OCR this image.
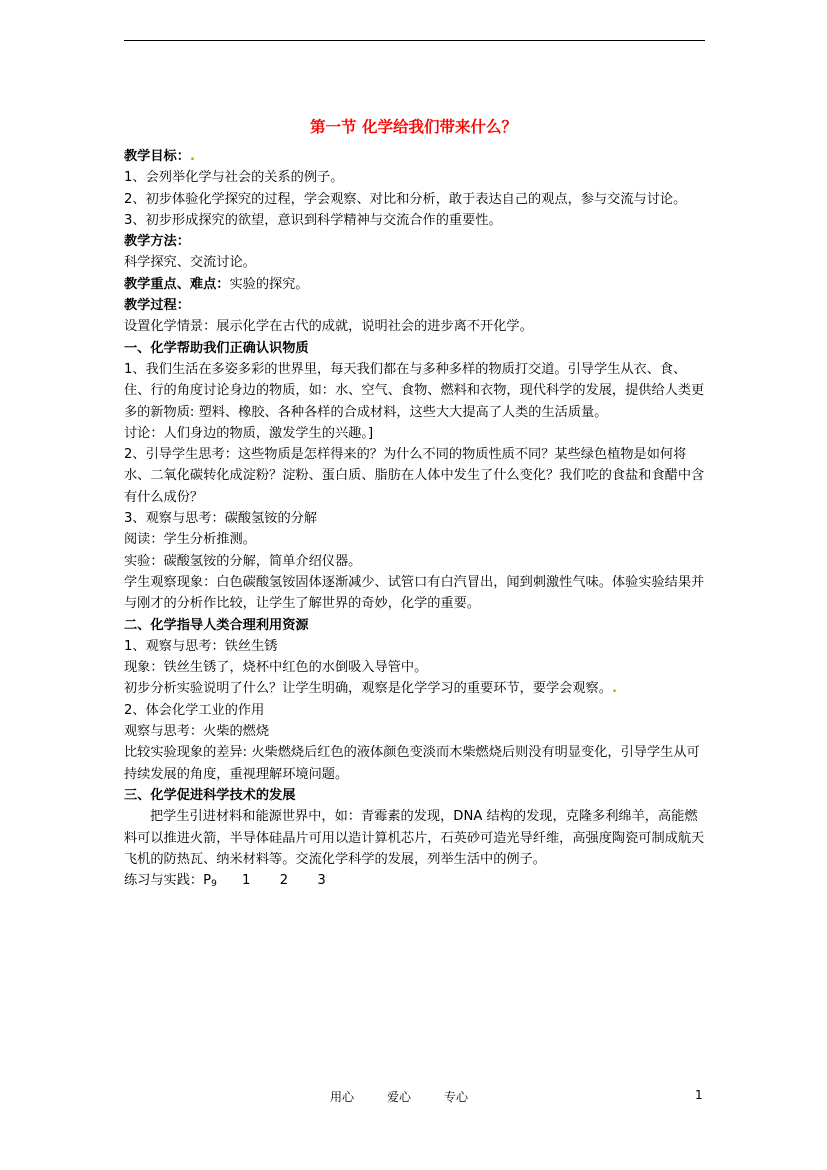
第一节 化学给我们带来什么？

教学目标：.

1、会列举化学与社会的关系的例子。

2、初步体验化学探究的过程，学会观察、对比和分析，敢于表达自己的观点，参与交流与讨论。

3、初步形成探究的欲望，意识到科学精神与交流合作的重要性。

教学方法：

科学探究、交流讨论。

教学重点、难点：实验的探究。

教学过程：

设置化学情景：展示化学在古代的成就，说明社会的进步离不开化学。

一、化学帮助我们正确认识物质

1、我们生活在多姿多彩的世界里，每天我们都在与多种多样的物质打交道。引导学生从衣、食、住、行的角度讨论身边的物质，如：水、空气、食物、燃料和衣物，现代科学的发展，提供给人类更多的新物质: 塑料、橡胶、各种各样的合成材料，这些大大提高了人类的生活质量。

讨论：人们身边的物质，激发学生的兴趣。]

2、引导学生思考：这些物质是怎样得来的？为什么不同的物质性质不同？某些绿色植物是如何将水、二氧化碳转化成淀粉？淀粉、蛋白质、脂肪在人体中发生了什么变化？我们吃的食盐和食醋中含有什么成份？

3、观察与思考：碳酸氢铵的分解

阅读：学生分析推测。

实验：碳酸氢铵的分解，简单介绍仪器。

学生观察现象：白色碳酸氢铵固体逐渐减少、试管口有白汽冒出，闻到刺激性气味。体验实验结果并与刚才的分析作比较，让学生了解世界的奇妙，化学的重要。

二、化学指导人类合理利用资源

1、观察与思考：铁丝生锈

现象：铁丝生锈了，烧杯中红色的水倒吸入导管中。

初步分析实验说明了什么？让学生明确，观察是化学学习的重要环节，要学会观察。.

2、体会化学工业的作用

观察与思考：火柴的燃烧

比较实验现象的差异: 火柴燃烧后红色的液体颜色变淡而木柴燃烧后则没有明显变化，引导学生从可持续发展的角度，重视理解环境问题。

三、化学促进科学技术的发展

把学生引进材料和能源世界中，如：青霉素的发现，DNA 结构的发现，克隆多利绵羊，高能燃料可以推进火箭，半导体硅晶片可用以造计算机芯片，石英砂可造光导纤维，高强度陶瓷可制成航天飞机的防热瓦、纳米材料等。交流化学科学的发展，列举生活中的例子。

练习与实践：$P_9$      1       2       3

用心	爱心	专心	1
